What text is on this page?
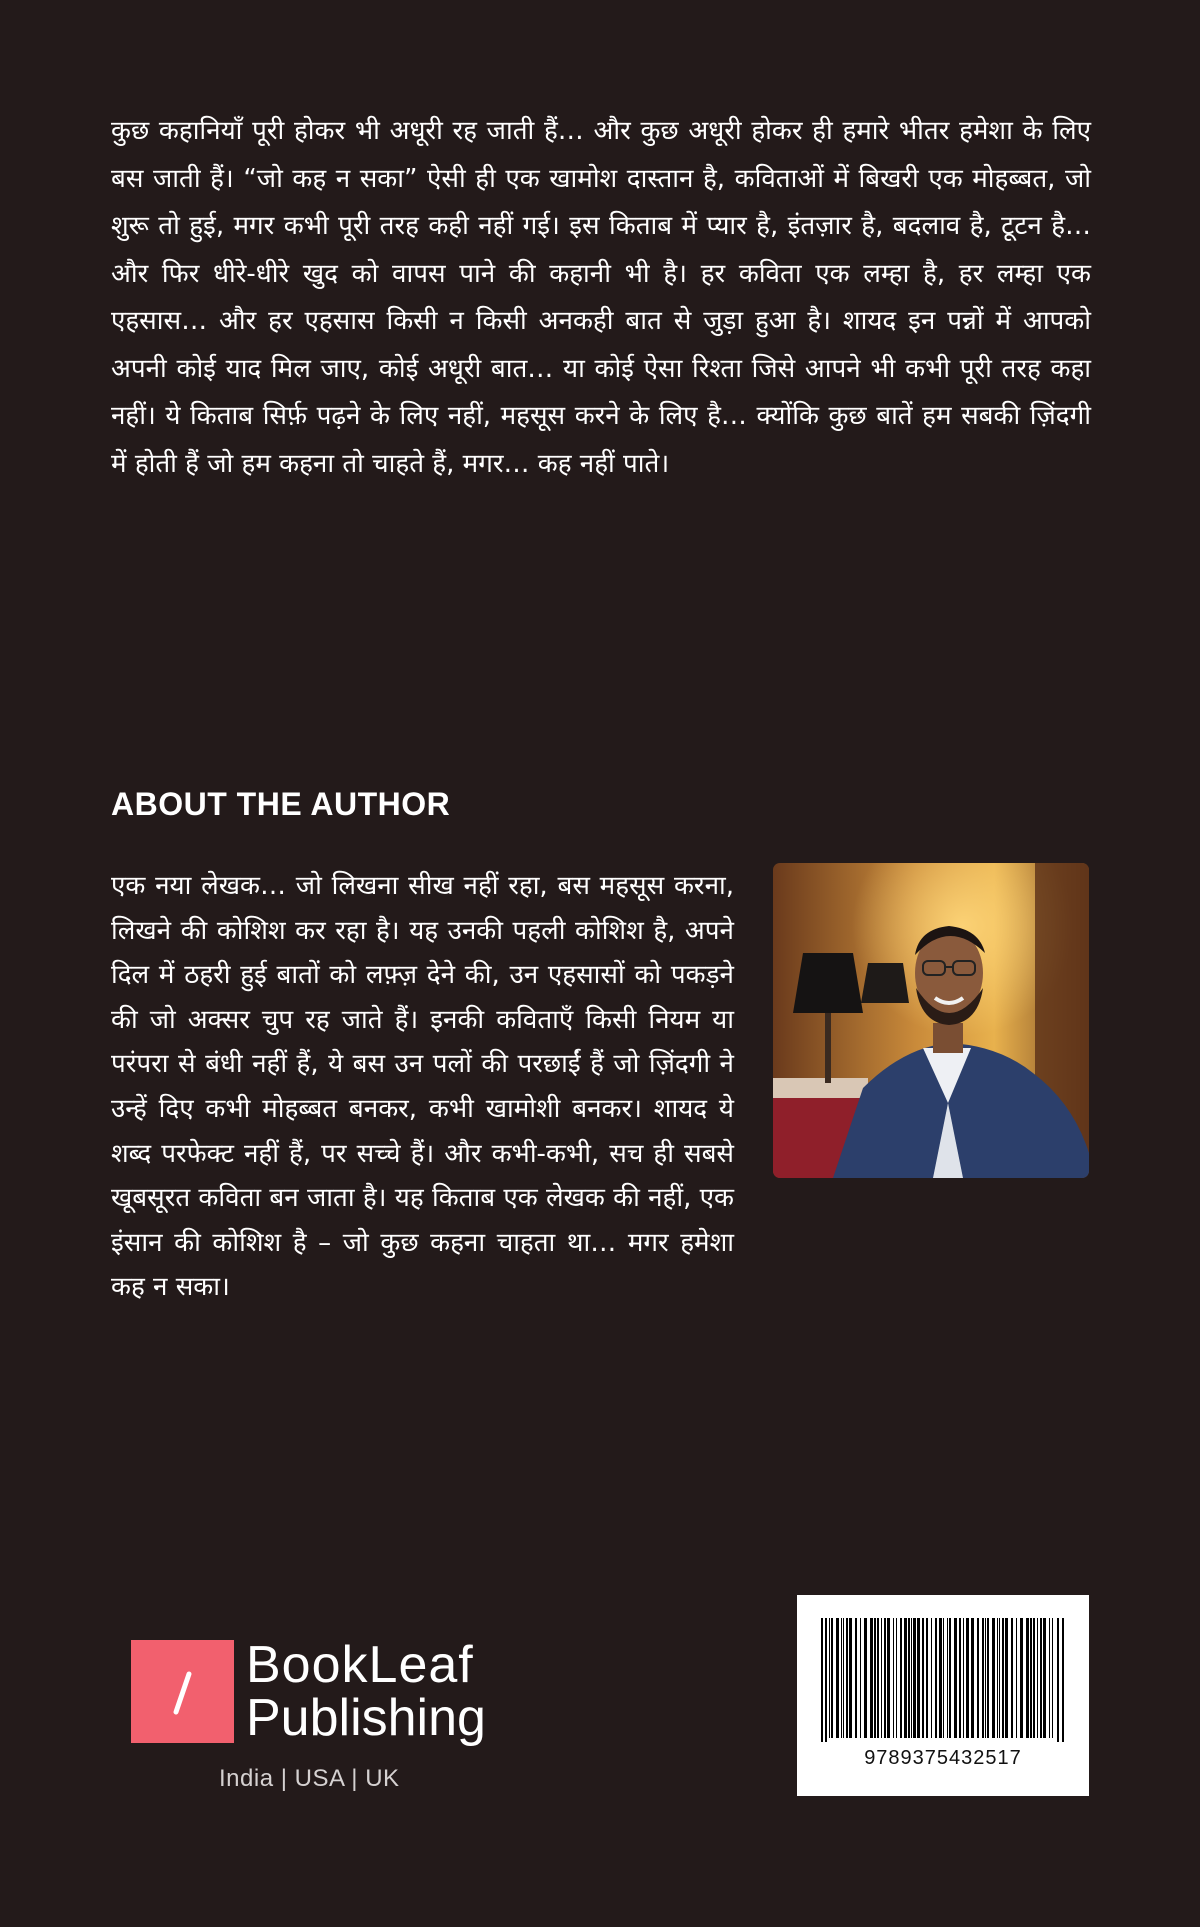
कुछ कहानियाँ पूरी होकर भी अधूरी रह जाती हैं… और कुछ अधूरी होकर ही हमारे भीतर हमेशा के लिए बस जाती हैं। “जो कह न सका” ऐसी ही एक खामोश दास्तान है, कविताओं में बिखरी एक मोहब्बत, जो शुरू तो हुई, मगर कभी पूरी तरह कही नहीं गई। इस किताब में प्यार है, इंतज़ार है, बदलाव है, टूटन है… और फिर धीरे-धीरे खुद को वापस पाने की कहानी भी है। हर कविता एक लम्हा है, हर लम्हा एक एहसास… और हर एहसास किसी न किसी अनकही बात से जुड़ा हुआ है। शायद इन पन्नों में आपको अपनी कोई याद मिल जाए, कोई अधूरी बात… या कोई ऐसा रिश्ता जिसे आपने भी कभी पूरी तरह कहा नहीं। ये किताब सिर्फ़ पढ़ने के लिए नहीं, महसूस करने के लिए है… क्योंकि कुछ बातें हम सबकी ज़िंदगी में होती हैं जो हम कहना तो चाहते हैं, मगर… कह नहीं पाते।

ABOUT THE AUTHOR

एक नया लेखक… जो लिखना सीख नहीं रहा, बस महसूस करना, लिखने की कोशिश कर रहा है। यह उनकी पहली कोशिश है, अपने दिल में ठहरी हुई बातों को लफ़्ज़ देने की, उन एहसासों को पकड़ने की जो अक्सर चुप रह जाते हैं। इनकी कविताएँ किसी नियम या परंपरा से बंधी नहीं हैं, ये बस उन पलों की परछाईं हैं जो ज़िंदगी ने उन्हें दिए कभी मोहब्बत बनकर, कभी खामोशी बनकर। शायद ये शब्द परफेक्ट नहीं हैं, पर सच्चे हैं। और कभी-कभी, सच ही सबसे खूबसूरत कविता बन जाता है। यह किताब एक लेखक की नहीं, एक इंसान की कोशिश है – जो कुछ कहना चाहता था… मगर हमेशा कह न सका।

BookLeaf
Publishing
India | USA | UK
9789375432517
